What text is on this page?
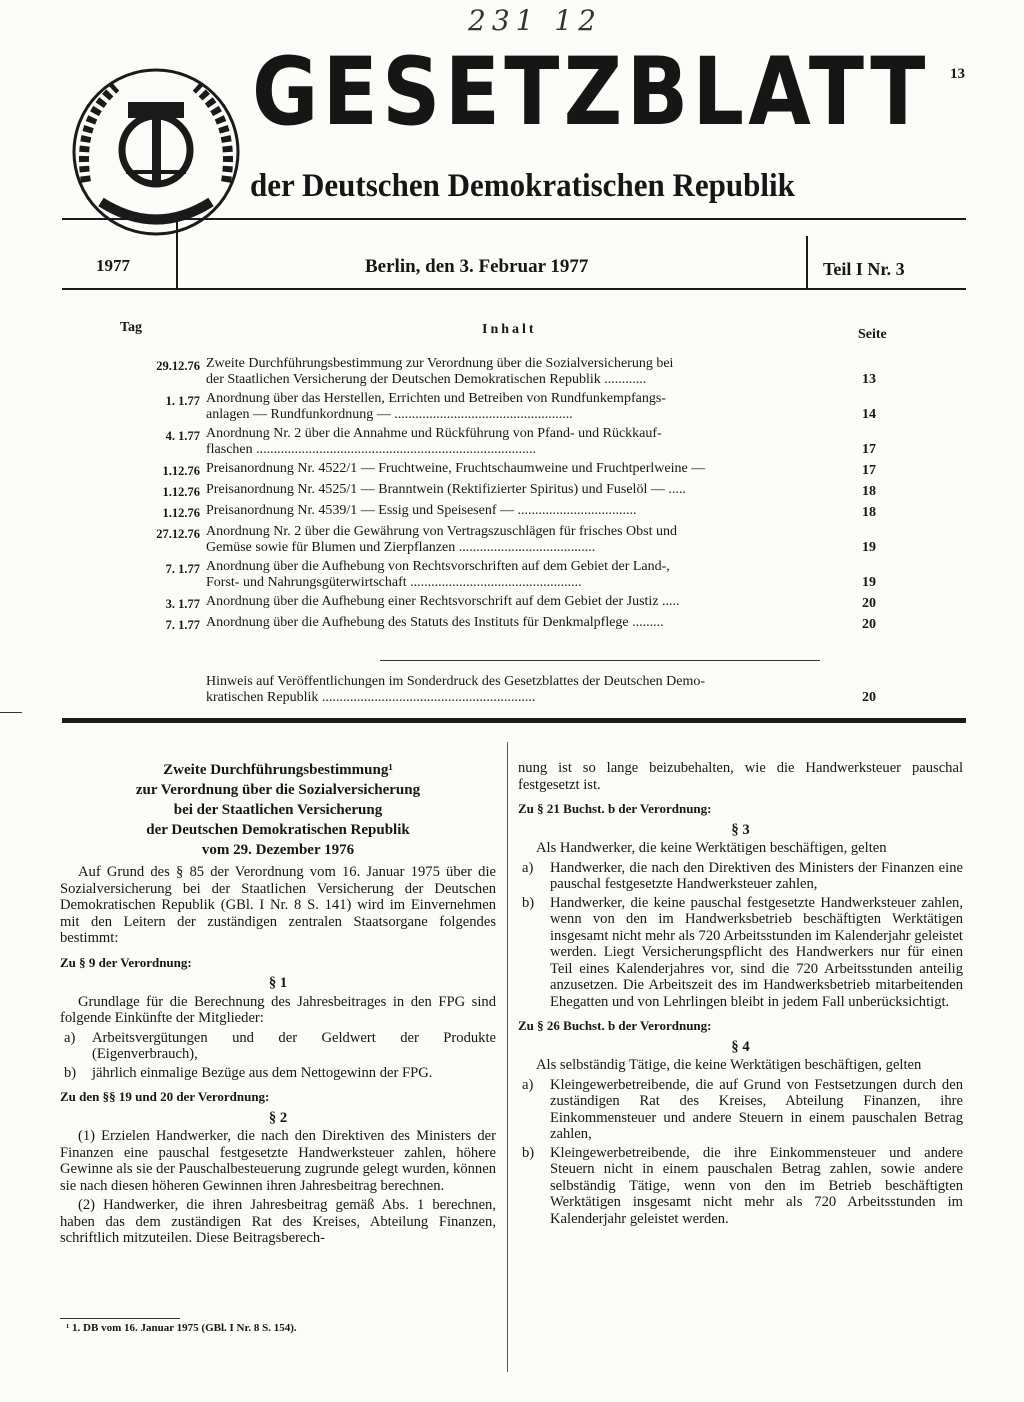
231 12
13
GESETZBLATT
der Deutschen Demokratischen Republik
1977	Berlin, den 3. Februar 1977	Teil I Nr. 3
Tag	Inhalt	Seite
29.12.76 Zweite Durchführungsbestimmung zur Verordnung über die Sozialversicherung bei
der Staatlichen Versicherung der Deutschen Demokratischen Republik ............	13
1. 1.77 Anordnung über das Herstellen, Errichten und Betreiben von Rundfunkempfangs-
anlagen — Rundfunkordnung — ...................................................	14
4. 1.77 Anordnung Nr. 2 über die Annahme und Rückführung von Pfand- und Rückkauf-
flaschen ................................................................................	17
1.12.76 Preisanordnung Nr. 4522/1 — Fruchtweine, Fruchtschaumweine und Fruchtperlweine —	17
1.12.76 Preisanordnung Nr. 4525/1 — Branntwein (Rektifizierter Spiritus) und Fuselöl — .....	18
1.12.76 Preisanordnung Nr. 4539/1 — Essig und Speisesenf — ..................................	18
27.12.76 Anordnung Nr. 2 über die Gewährung von Vertragszuschlägen für frisches Obst und
Gemüse sowie für Blumen und Zierpflanzen .......................................	19
7. 1.77 Anordnung über die Aufhebung von Rechtsvorschriften auf dem Gebiet der Land-,
Forst- und Nahrungsgüterwirtschaft .................................................	19
3. 1.77 Anordnung über die Aufhebung einer Rechtsvorschrift auf dem Gebiet der Justiz .....	20
7. 1.77 Anordnung über die Aufhebung des Statuts des Instituts für Denkmalpflege .........	20
Hinweis auf Veröffentlichungen im Sonderdruck des Gesetzblattes der Deutschen Demo-
kratischen Republik .............................................................	20

Zweite Durchführungsbestimmung¹

zur Verordnung über die Sozialversicherung

bei der Staatlichen Versicherung

der Deutschen Demokratischen Republik

vom 29. Dezember 1976

Auf Grund des § 85 der Verordnung vom 16. Januar 1975 über die Sozialversicherung bei der Staatlichen Versicherung der Deutschen Demokratischen Republik (GBl. I Nr. 8 S. 141) wird im Einvernehmen mit den Leitern der zuständigen zentralen Staatsorgane folgendes bestimmt:

Zu § 9 der Verordnung:

§ 1

Grundlage für die Berechnung des Jahresbeitrages in den FPG sind folgende Einkünfte der Mitglieder:

a)	Arbeitsvergütungen und der Geldwert der Produkte (Eigenverbrauch),
b)	jährlich einmalige Bezüge aus dem Nettogewinn der FPG.

Zu den §§ 19 und 20 der Verordnung:

§ 2

(1) Erzielen Handwerker, die nach den Direktiven des Ministers der Finanzen eine pauschal festgesetzte Handwerksteuer zahlen, höhere Gewinne als sie der Pauschalbesteuerung zugrunde gelegt wurden, können sie nach diesen höheren Gewinnen ihren Jahresbeitrag berechnen.

(2) Handwerker, die ihren Jahresbeitrag gemäß Abs. 1 berechnen, haben das dem zuständigen Rat des Kreises, Abteilung Finanzen, schriftlich mitzuteilen. Diese Beitragsberech-

¹ 1. DB vom 16. Januar 1975 (GBl. I Nr. 8 S. 154).

nung ist so lange beizubehalten, wie die Handwerksteuer pauschal festgesetzt ist.

Zu § 21 Buchst. b der Verordnung:

§ 3

Als Handwerker, die keine Werktätigen beschäftigen, gelten

a)	Handwerker, die nach den Direktiven des Ministers der Finanzen eine pauschal festgesetzte Handwerksteuer zahlen,
b)	Handwerker, die keine pauschal festgesetzte Handwerksteuer zahlen, wenn von den im Handwerksbetrieb beschäftigten Werktätigen insgesamt nicht mehr als 720 Arbeitsstunden im Kalenderjahr geleistet werden. Liegt Versicherungspflicht des Handwerkers nur für einen Teil eines Kalenderjahres vor, sind die 720 Arbeitsstunden anteilig anzusetzen. Die Arbeitszeit des im Handwerksbetrieb mitarbeitenden Ehegatten und von Lehrlingen bleibt in jedem Fall unberücksichtigt.

Zu § 26 Buchst. b der Verordnung:

§ 4

Als selbständig Tätige, die keine Werktätigen beschäftigen, gelten

a)	Kleingewerbetreibende, die auf Grund von Festsetzungen durch den zuständigen Rat des Kreises, Abteilung Finanzen, ihre Einkommensteuer und andere Steuern in einem pauschalen Betrag zahlen,
b)	Kleingewerbetreibende, die ihre Einkommensteuer und andere Steuern nicht in einem pauschalen Betrag zahlen, sowie andere selbständig Tätige, wenn von den im Betrieb beschäftigten Werktätigen insgesamt nicht mehr als 720 Arbeitsstunden im Kalenderjahr geleistet werden.
